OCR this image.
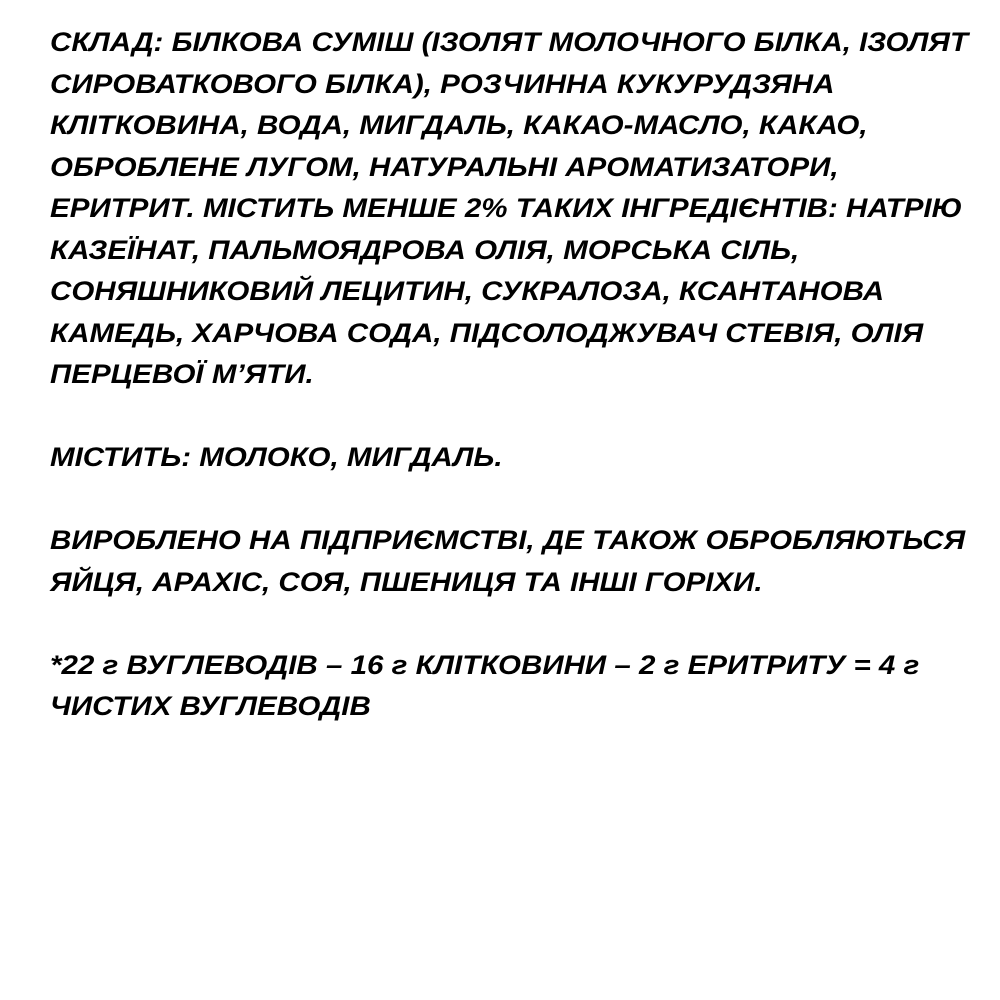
СКЛАД: БІЛКОВА СУМІШ (ІЗОЛЯТ МОЛОЧНОГО БІЛКА, ІЗОЛЯТ
СИРОВАТКОВОГО БІЛКА), РОЗЧИННА КУКУРУДЗЯНА
КЛІТКОВИНА, ВОДА, МИГДАЛЬ, КАКАО-МАСЛО, КАКАО,
ОБРОБЛЕНЕ ЛУГОМ, НАТУРАЛЬНІ АРОМАТИЗАТОРИ,
ЕРИТРИТ. МІСТИТЬ МЕНШЕ 2% ТАКИХ ІНГРЕДІЄНТІВ: НАТРІЮ
КАЗЕЇНАТ, ПАЛЬМОЯДРОВА ОЛІЯ, МОРСЬКА СІЛЬ,
СОНЯШНИКОВИЙ ЛЕЦИТИН, СУКРАЛОЗА, КСАНТАНОВА
КАМЕДЬ, ХАРЧОВА СОДА, ПІДСОЛОДЖУВАЧ СТЕВІЯ, ОЛІЯ
ПЕРЦЕВОЇ М’ЯТИ.
МІСТИТЬ: МОЛОКО, МИГДАЛЬ.
ВИРОБЛЕНО НА ПІДПРИЄМСТВІ, ДЕ ТАКОЖ ОБРОБЛЯЮТЬСЯ
ЯЙЦЯ, АРАХІС, СОЯ, ПШЕНИЦЯ ТА ІНШІ ГОРІХИ.
*22 г ВУГЛЕВОДІВ – 16 г КЛІТКОВИНИ – 2 г ЕРИТРИТУ = 4 г
ЧИСТИХ ВУГЛЕВОДІВ
